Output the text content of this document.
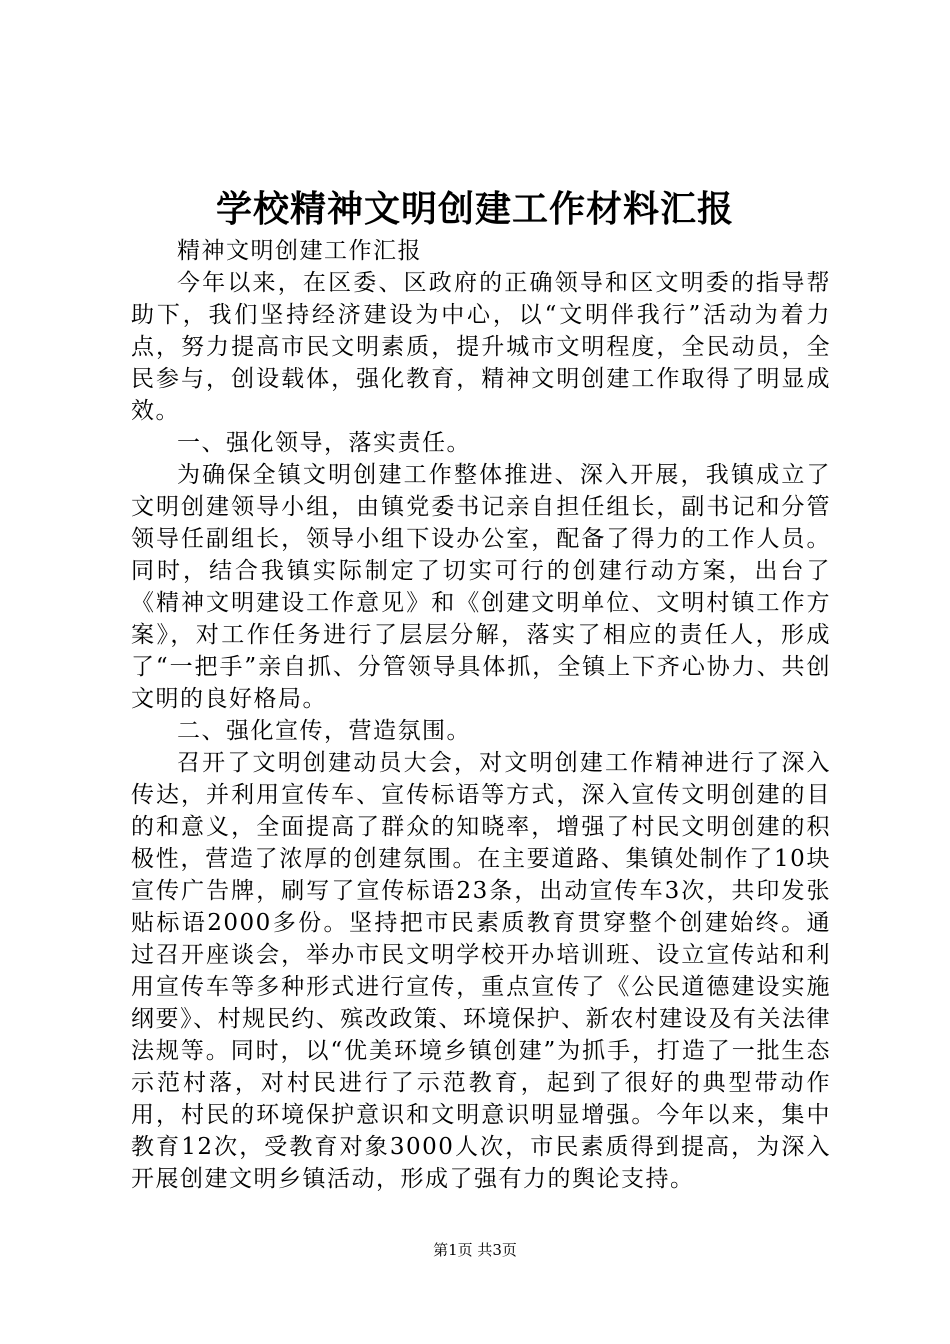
学校精神文明创建工作材料汇报

精神文明创建工作汇报

今年以来，在区委、区政府的正确领导和区文明委的指导帮助下，我们坚持经济建设为中心，以“文明伴我行”活动为着力点，努力提高市民文明素质，提升城市文明程度，全民动员，全民参与，创设载体，强化教育，精神文明创建工作取得了明显成效。

一、强化领导，落实责任。

为确保全镇文明创建工作整体推进、深入开展，我镇成立了文明创建领导小组，由镇党委书记亲自担任组长，副书记和分管领导任副组长，领导小组下设办公室，配备了得力的工作人员。同时，结合我镇实际制定了切实可行的创建行动方案，出台了《精神文明建设工作意见》和《创建文明单位、文明村镇工作方案》，对工作任务进行了层层分解，落实了相应的责任人，形成了“一把手”亲自抓、分管领导具体抓，全镇上下齐心协力、共创文明的良好格局。

二、强化宣传，营造氛围。

召开了文明创建动员大会，对文明创建工作精神进行了深入传达，并利用宣传车、宣传标语等方式，深入宣传文明创建的目的和意义，全面提高了群众的知晓率，增强了村民文明创建的积极性，营造了浓厚的创建氛围。在主要道路、集镇处制作了10块宣传广告牌，刷写了宣传标语23条，出动宣传车3次，共印发张贴标语2000多份。坚持把市民素质教育贯穿整个创建始终。通过召开座谈会，举办市民文明学校开办培训班、设立宣传站和利用宣传车等多种形式进行宣传，重点宣传了《公民道德建设实施纲要》、村规民约、殡改政策、环境保护、新农村建设及有关法律法规等。同时，以“优美环境乡镇创建”为抓手，打造了一批生态示范村落，对村民进行了示范教育，起到了很好的典型带动作用，村民的环境保护意识和文明意识明显增强。今年以来，集中教育12次，受教育对象3000人次，市民素质得到提高，为深入开展创建文明乡镇活动，形成了强有力的舆论支持。

第1页 共3页
